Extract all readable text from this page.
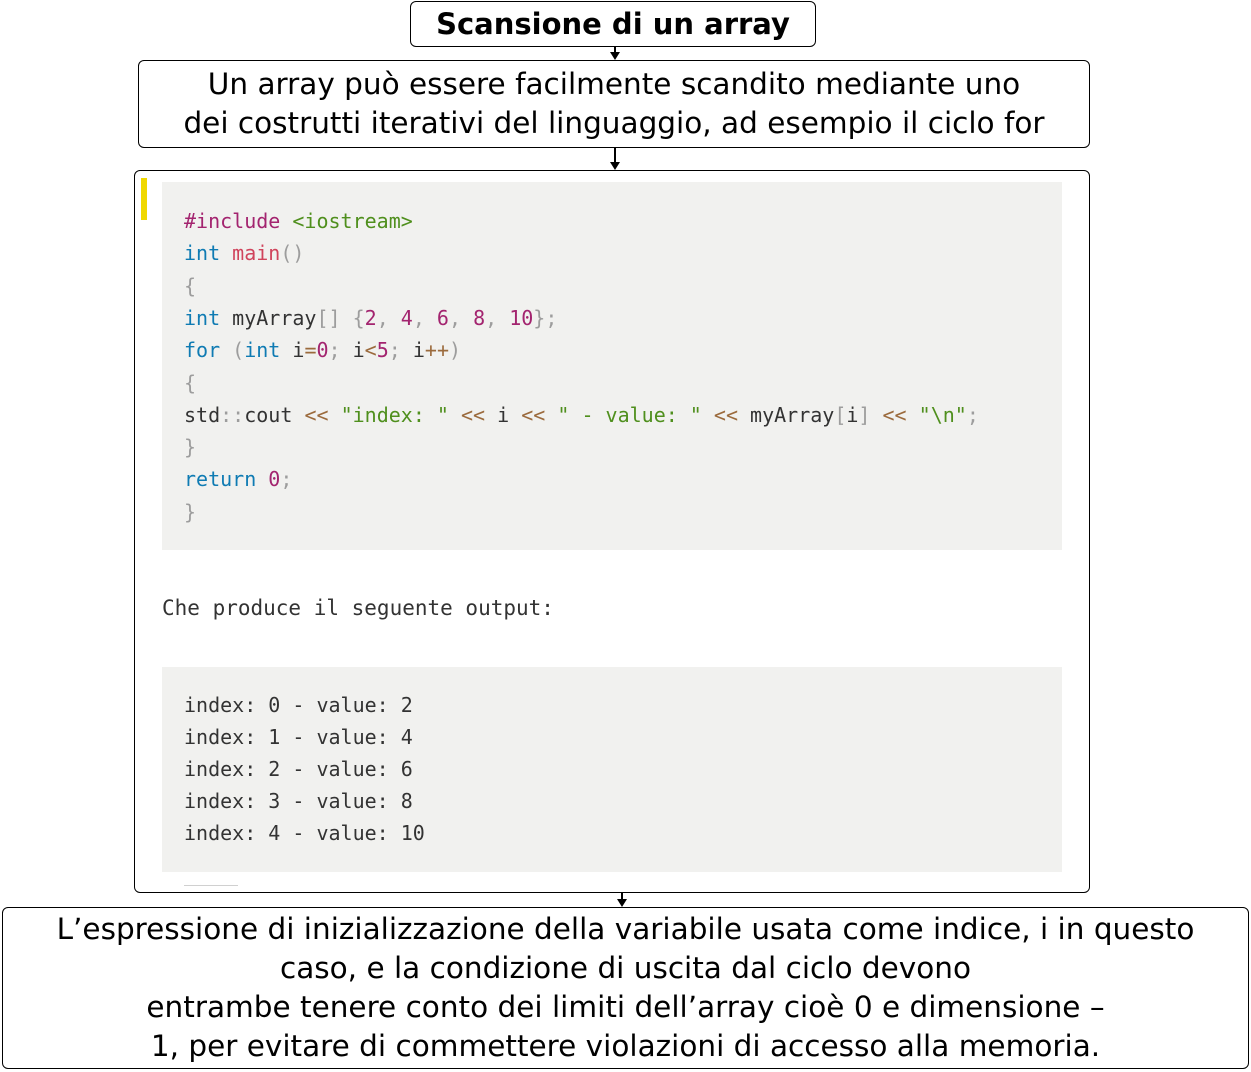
Scansione di un array
Un array può essere facilmente scandito mediante uno
dei costrutti iterativi del linguaggio, ad esempio il ciclo for
#include <iostream>
int main()
{
int myArray[] {2, 4, 6, 8, 10};
for (int i=0; i<5; i++)
{
std::cout << "index: " << i << " - value: " << myArray[i] << "\n";
}
return 0;
}
Che produce il seguente output:
index: 0 - value: 2
index: 1 - value: 4
index: 2 - value: 6
index: 3 - value: 8
index: 4 - value: 10
L’espressione di inizializzazione della variabile usata come indice, i in questo
caso, e la condizione di uscita dal ciclo devono
entrambe tenere conto dei limiti dell’array cioè 0 e dimensione –
1, per evitare di commettere violazioni di accesso alla memoria.
